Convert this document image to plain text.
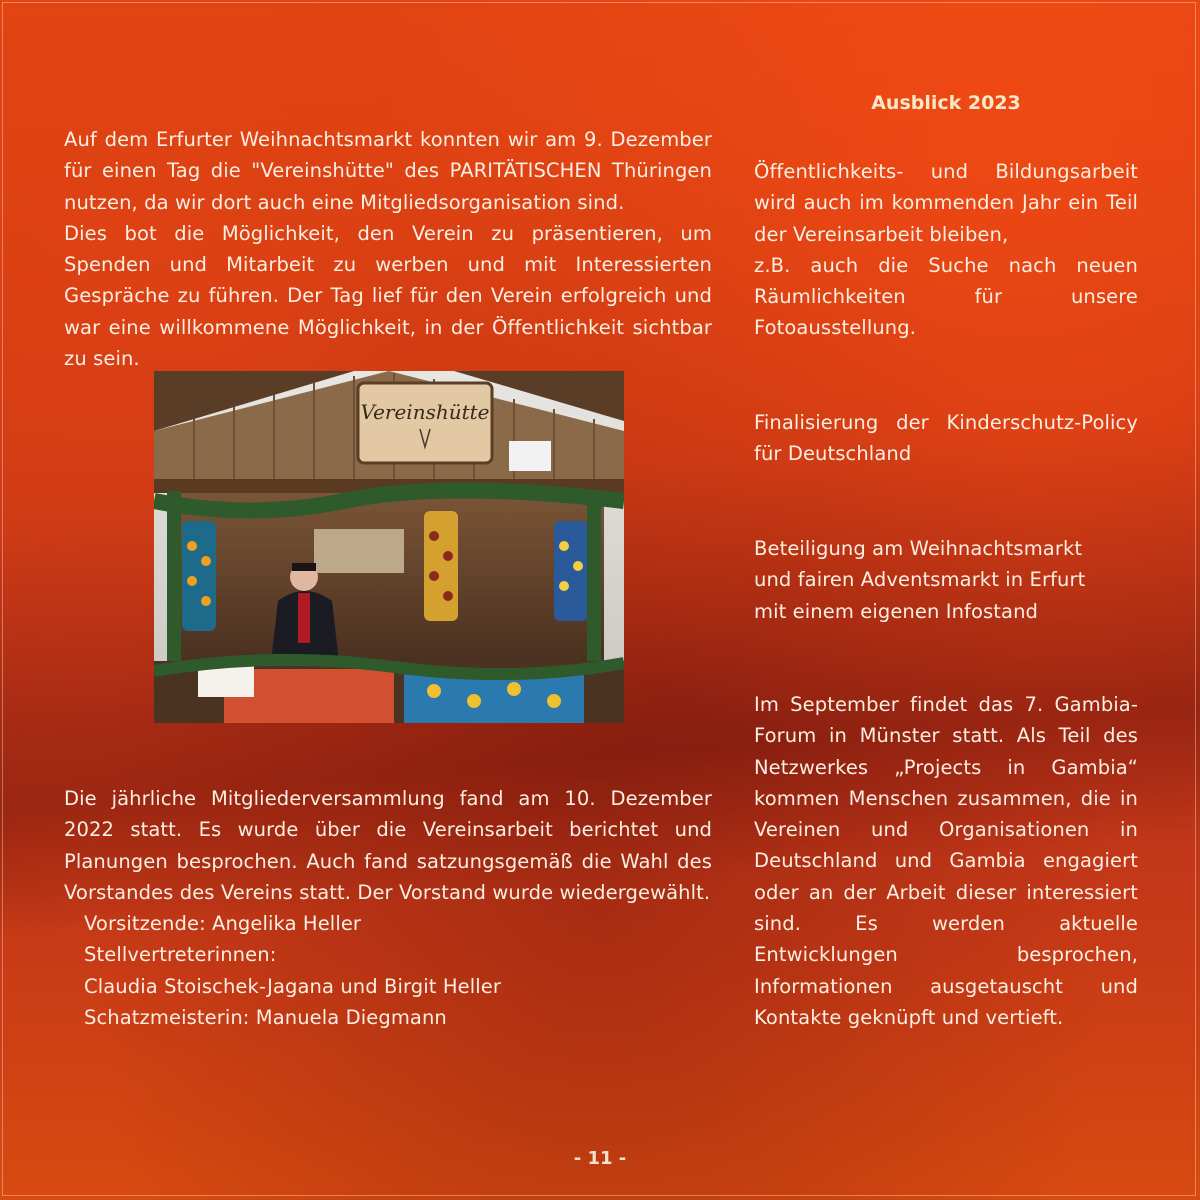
Auf dem Erfurter Weihnachtsmarkt konnten wir am 9. Dezember für einen Tag die "Vereinshütte" des PARITÄTISCHEN Thüringen nutzen, da wir dort auch eine Mitgliedsorganisation sind.

Dies bot die Möglichkeit, den Verein zu präsentieren, um Spenden und Mitarbeit zu werben und mit Interessierten Gespräche zu führen. Der Tag lief für den Verein erfolgreich und war eine willkommene Möglichkeit, in der Öffentlichkeit sichtbar zu sein.

Vereinshütte

Die jährliche Mitgliederversammlung fand am 10. Dezember 2022 statt. Es wurde über die Vereinsarbeit berichtet und Planungen besprochen. Auch fand satzungsgemäß die Wahl des Vorstandes des Vereins statt. Der Vorstand wurde wiedergewählt.

Vorsitzende: Angelika Heller

Stellvertreterinnen:

Claudia Stoischek-Jagana und Birgit Heller

Schatzmeisterin: Manuela Diegmann

Ausblick 2023

Öffentlichkeits- und Bildungsarbeit wird auch im kommenden Jahr ein Teil der Vereinsarbeit bleiben,

z.B. auch die Suche nach neuen Räumlichkeiten für unsere Fotoausstellung.

Finalisierung der Kinderschutz-Policy für Deutschland

Beteiligung am Weihnachtsmarkt

und fairen Adventsmarkt in Erfurt

mit einem eigenen Infostand

Im September findet das 7. Gambia-Forum in Münster statt. Als Teil des Netzwerkes „Projects in Gambia“ kommen Menschen zusammen, die in Vereinen und Organisationen in Deutschland und Gambia engagiert oder an der Arbeit dieser interessiert sind. Es werden aktuelle Entwicklungen besprochen, Informationen ausgetauscht und Kontakte geknüpft und vertieft.

- 11 -
